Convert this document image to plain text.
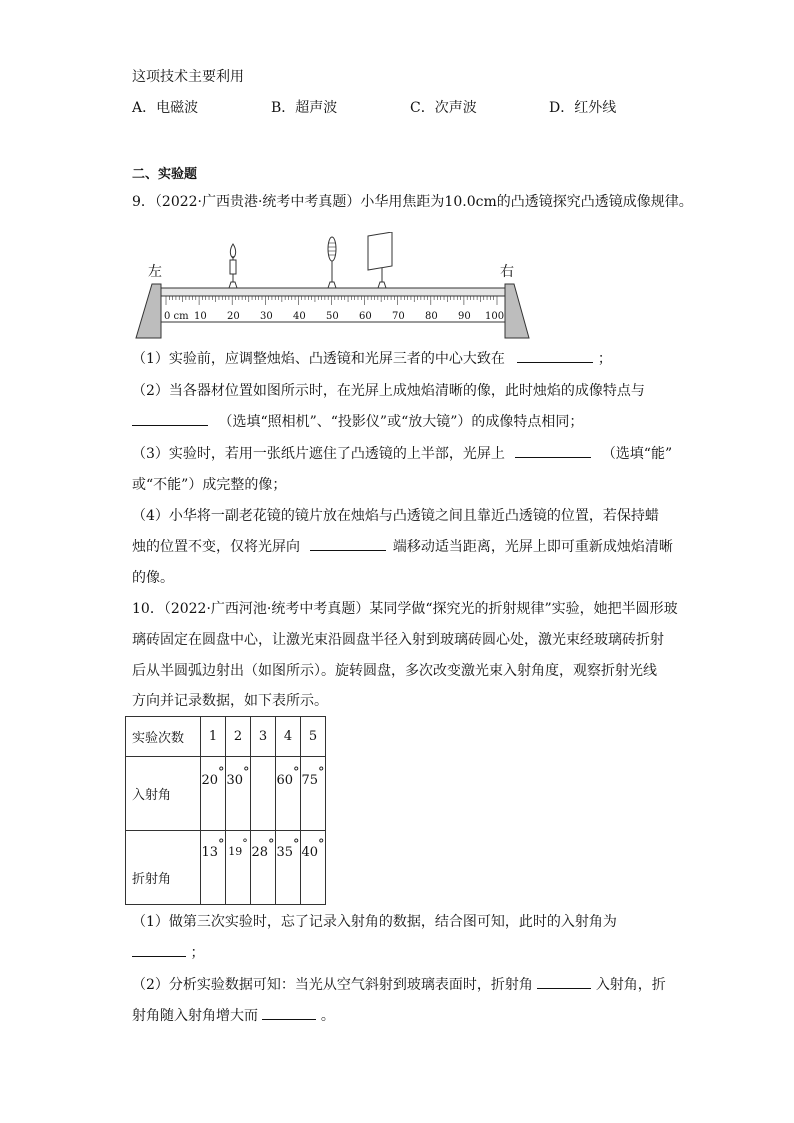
这项技术主要利用
A．电磁波	B．超声波	C．次声波	D．红外线
二、实验题
9．（2022·广西贵港·统考中考真题）小华用焦距为10.0cm的凸透镜探究凸透镜成像规律。
左	右
0 cm 10 20 30 40 50 60 70 80 90 100
（1）实验前，应调整烛焰、凸透镜和光屏三者的中心大致在	；
（2）当各器材位置如图所示时，在光屏上成烛焰清晰的像，此时烛焰的成像特点与
（选填“照相机”、“投影仪”或“放大镜”）的成像特点相同；
（3）实验时，若用一张纸片遮住了凸透镜的上半部，光屏上	（选填“能”
或“不能”）成完整的像；
（4）小华将一副老花镜的镜片放在烛焰与凸透镜之间且靠近凸透镜的位置，若保持蜡
烛的位置不变，仅将光屏向	端移动适当距离，光屏上即可重新成烛焰清晰
的像。
10．（2022·广西河池·统考中考真题）某同学做“探究光的折射规律”实验，她把半圆形玻
璃砖固定在圆盘中心，让激光束沿圆盘半径入射到玻璃砖圆心处，激光束经玻璃砖折射
后从半圆弧边射出（如图所示）。旋转圆盘，多次改变激光束入射角度，观察折射光线
方向并记录数据，如下表所示。
实验次数	1	2	3	4	5
入射角	20°	30°		60°	75°
折射角	13°	19°	28°	35°	40°
（1）做第三次实验时，忘了记录入射角的数据，结合图可知，此时的入射角为
；
（2）分析实验数据可知：当光从空气斜射到玻璃表面时，折射角	入射角，折
射角随入射角增大而	。
